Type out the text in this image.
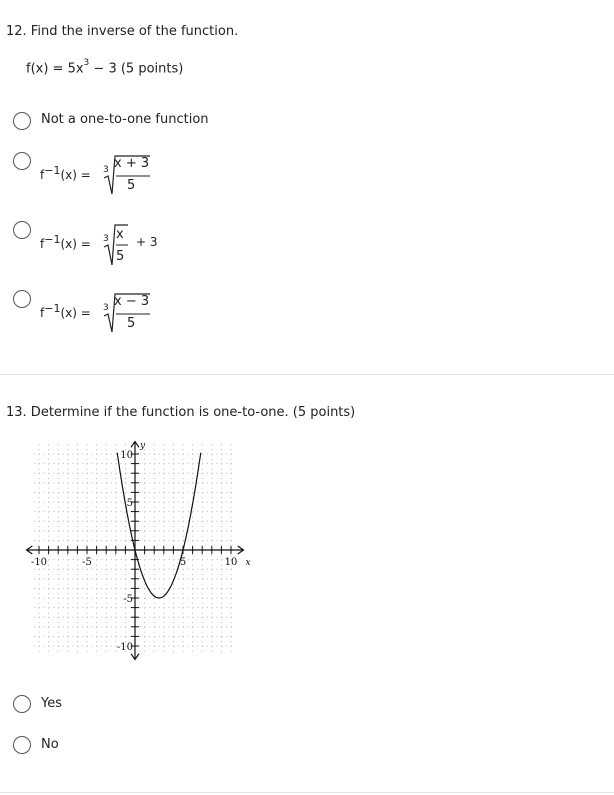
12. Find the inverse of the function.
$f(x) = 5x^3 - 3$ (5 points)
Not a one-to-one function
$f^{-1}(x) = 3$ x + 3
5
$f^{-1}(x) = 3$ x
5
+ 3
$f^{-1}(x) = 3$ x − 3
5
13. Determine if the function is one-to-one. (5 points)
-10	-5	5	10
10
5
-5
-10
x
y
Yes
No
